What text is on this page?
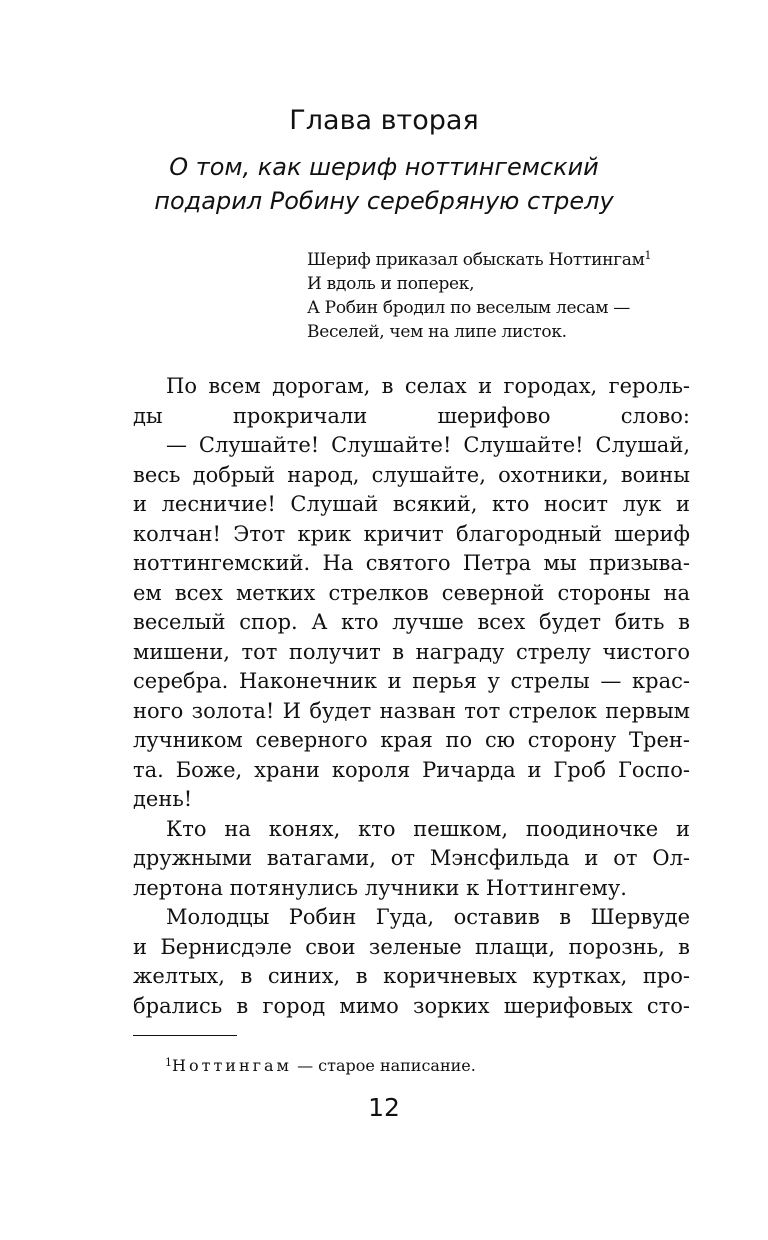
Глава вторая
О том, как шериф ноттингемский
подарил Робину серебряную стрелу
Шериф приказал обыскать Ноттингам$^1$
И вдоль и поперек,
А Робин бродил по веселым лесам —
Веселей, чем на липе листок.
По всем дорогам, в селах и городах, героль-
ды прокричали шерифово слово:
— Слушайте! Слушайте! Слушайте! Слушай,
весь добрый народ, слушайте, охотники, воины
и лесничие! Слушай всякий, кто носит лук и
колчан! Этот крик кричит благородный шериф
ноттингемский. На святого Петра мы призыва-
ем всех метких стрелков северной стороны на
веселый спор. А кто лучше всех будет бить в
мишени, тот получит в награду стрелу чистого
серебра. Наконечник и перья у стрелы — крас-
ного золота! И будет назван тот стрелок первым
лучником северного края по сю сторону Трен-
та. Боже, храни короля Ричарда и Гроб Госпо-
день!
Кто на конях, кто пешком, поодиночке и
дружными ватагами, от Мэнсфильда и от Ол-
лертона потянулись лучники к Ноттингему.
Молодцы Робин Гуда, оставив в Шервуде
и Бернисдэле свои зеленые плащи, порознь, в
желтых, в синих, в коричневых куртках, про-
брались в город мимо зорких шерифовых сто-
$^1$Ноттингам — старое написание.
12
